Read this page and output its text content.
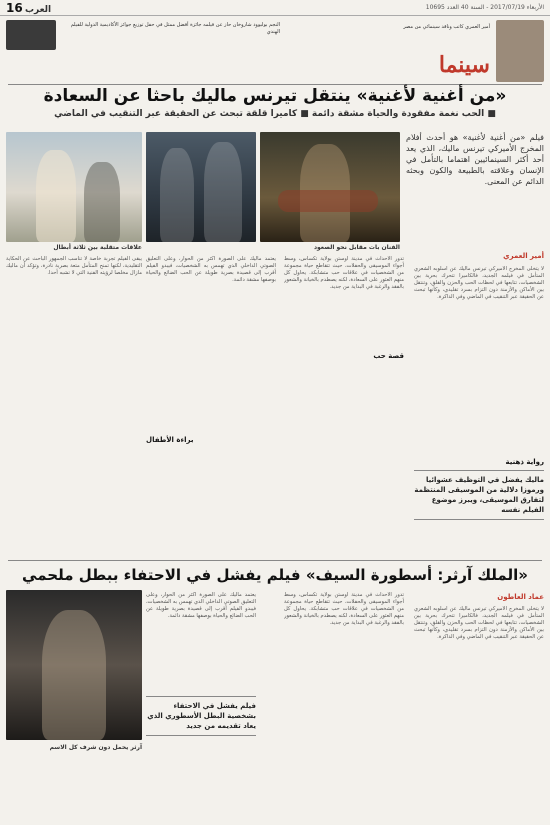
الأربعاء 2017/07/19 - السنة 40 العدد 10695
العرب 16
سينما
أمير العمري كاتب وناقد سينمائي من مصر
النجم بوليوود شاروخان حاز عن فيلمه جائزة أفضل ممثل في حفل توزيع جوائز الأكاديمية الدولية للفيلم الهندي
«من أغنية لأغنية» ينتقل تيرنس ماليك باحثا عن السعادة
■ الحب نغمة مفقودة والحياة مشقة دائمة ■ كاميرا قلقة تبحث عن الحقيقة عبر التنقيب في الماضي
علاقات متقلبة بين ثلاثة أبطال	الفنان بات مقابل نحو الصعود
فيلم «من أغنية لأغنية» هو أحدث أفلام المخرج الأميركي تيرنس ماليك، الذي يعد أحد أكثر السينمائيين اهتماما بالتأمل في الإنسان وعلاقته بالطبيعة والكون وبحثه الدائم عن المعنى.
أمير العمري
لا يتخلى المخرج الأميركي تيرنس ماليك عن أسلوبه الشعري المتأمل في فيلمه الجديد، فالكاميرا تتحرك بحرية بين الشخصيات، تتابعها في لحظات الحب والحزن والقلق، وتنتقل بين الأماكن والأزمنة دون التزام بسرد تقليدي، وكأنها تبحث عن الحقيقة عبر التنقيب في الماضي وفي الذاكرة.
رواية ذهنية
ماليك يفضل في التوظيف عشوائيا ورموزا دلالية من الموسيقى المنتظمة لتفارق الموسيقى، ويبرز موضوع الفيلم نفسه
تدور الأحداث في مدينة أوستن بولاية تكساس، وسط أجواء الموسيقى والحفلات، حيث تتقاطع حياة مجموعة من الشخصيات في علاقات حب متشابكة. يحاول كل منهم العثور على السعادة، لكنه يصطدم بالخيانة والشعور بالفقد والرغبة في البداية من جديد.
قصة حب
يعتمد ماليك على الصورة أكثر من الحوار، وعلى التعليق الصوتي الداخلي الذي تهمس به الشخصيات، فيبدو الفيلم أقرب إلى قصيدة بصرية طويلة عن الحب الضائع والحياة بوصفها مشقة دائمة.
براءة الأطفال
يبقى الفيلم تجربة خاصة لا تناسب الجمهور الباحث عن الحكاية التقليدية، لكنها تمنح المتأمل متعة بصرية نادرة، وتؤكد أن ماليك مازال مخلصا لرؤيته الفنية التي لا تشبه أحدا.
«الملك آرثر: أسطورة السيف» فيلم يفشل في الاحتفاء ببطل ملحمي
آرثر يحمل دون شرف كل الاسم
فيلم يفشل في الاحتفاء بشخصية البطل الأسطوري الذي يعاد تقديمه من جديد
عماد العاطون
لا يتخلى المخرج الأميركي تيرنس ماليك عن أسلوبه الشعري المتأمل في فيلمه الجديد، فالكاميرا تتحرك بحرية بين الشخصيات، تتابعها في لحظات الحب والحزن والقلق، وتنتقل بين الأماكن والأزمنة دون التزام بسرد تقليدي، وكأنها تبحث عن الحقيقة عبر التنقيب في الماضي وفي الذاكرة.
تدور الأحداث في مدينة أوستن بولاية تكساس، وسط أجواء الموسيقى والحفلات، حيث تتقاطع حياة مجموعة من الشخصيات في علاقات حب متشابكة. يحاول كل منهم العثور على السعادة، لكنه يصطدم بالخيانة والشعور بالفقد والرغبة في البداية من جديد.
يعتمد ماليك على الصورة أكثر من الحوار، وعلى التعليق الصوتي الداخلي الذي تهمس به الشخصيات، فيبدو الفيلم أقرب إلى قصيدة بصرية طويلة عن الحب الضائع والحياة بوصفها مشقة دائمة.
